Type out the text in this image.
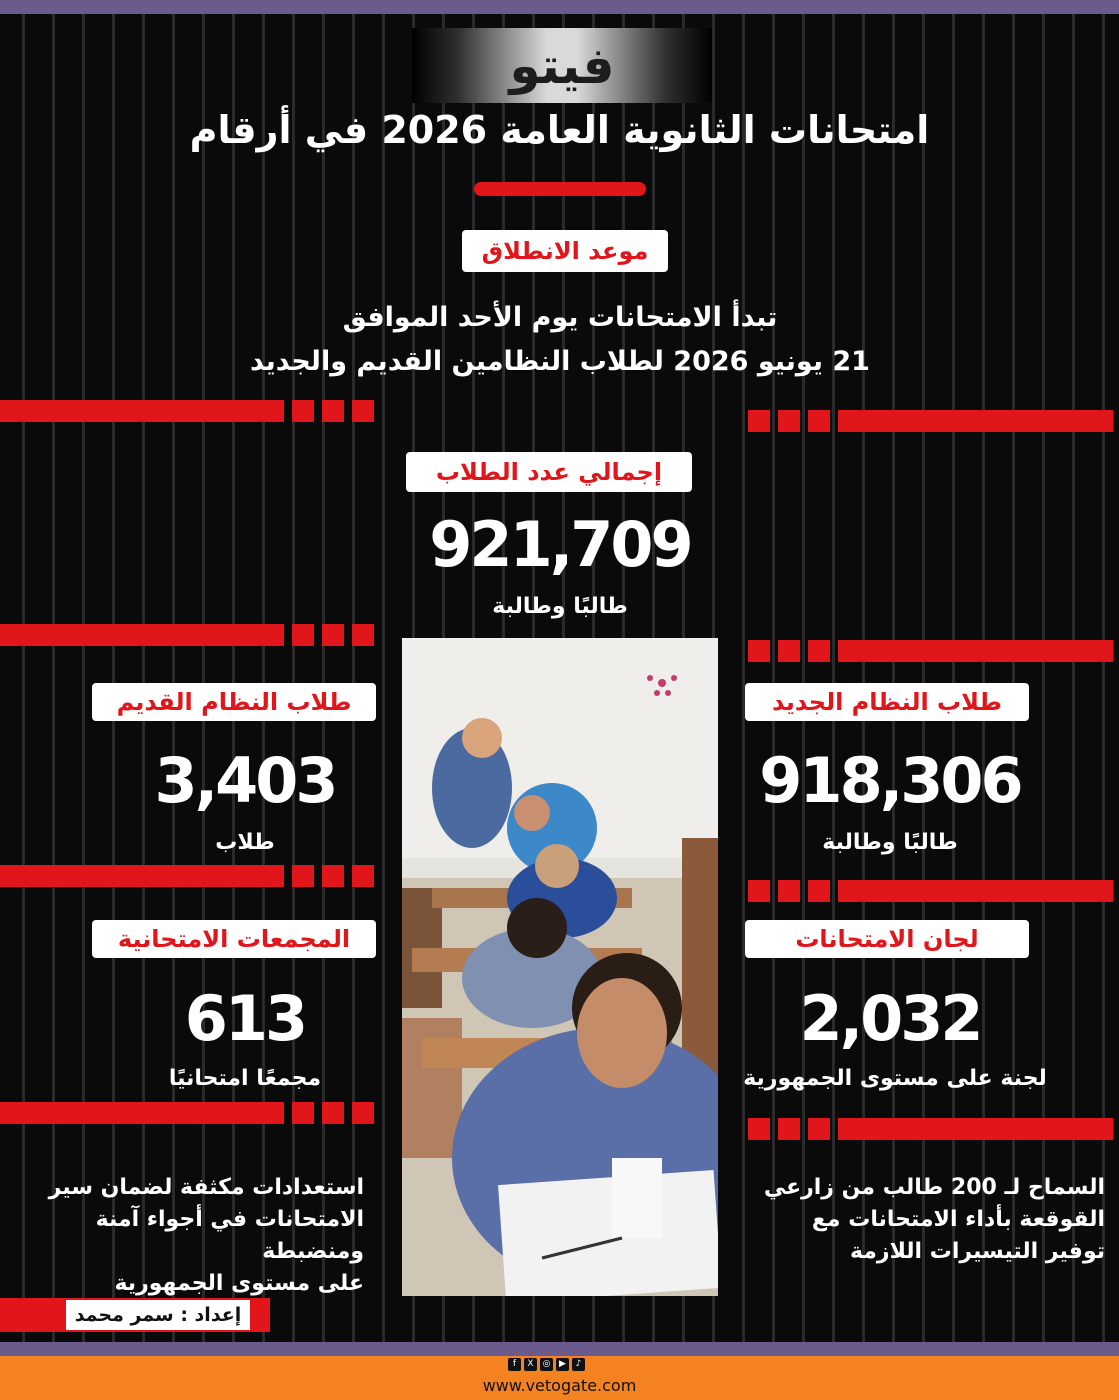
فيتو
امتحانات الثانوية العامة 2026 في أرقام
موعد الانطلاق
تبدأ الامتحانات يوم الأحد الموافق
21 يونيو 2026 لطلاب النظامين القديم والجديد
إجمالي عدد الطلاب
921,709
طالبًا وطالبة
طلاب النظام القديم
3,403
طلاب
طلاب النظام الجديد
918,306
طالبًا وطالبة
المجمعات الامتحانية
613
مجمعًا امتحانيًا
لجان الامتحانات
2,032
لجنة على مستوى الجمهورية
استعدادات مكثفة لضمان سير
الامتحانات في أجواء آمنة ومنضبطة
على مستوى الجمهورية
السماح لـ 200 طالب من زارعي
القوقعة بأداء الامتحانات مع
توفير التيسيرات اللازمة
إعداد : سمر محمد
f	X ◎ ▶	♪
www.vetogate.com
